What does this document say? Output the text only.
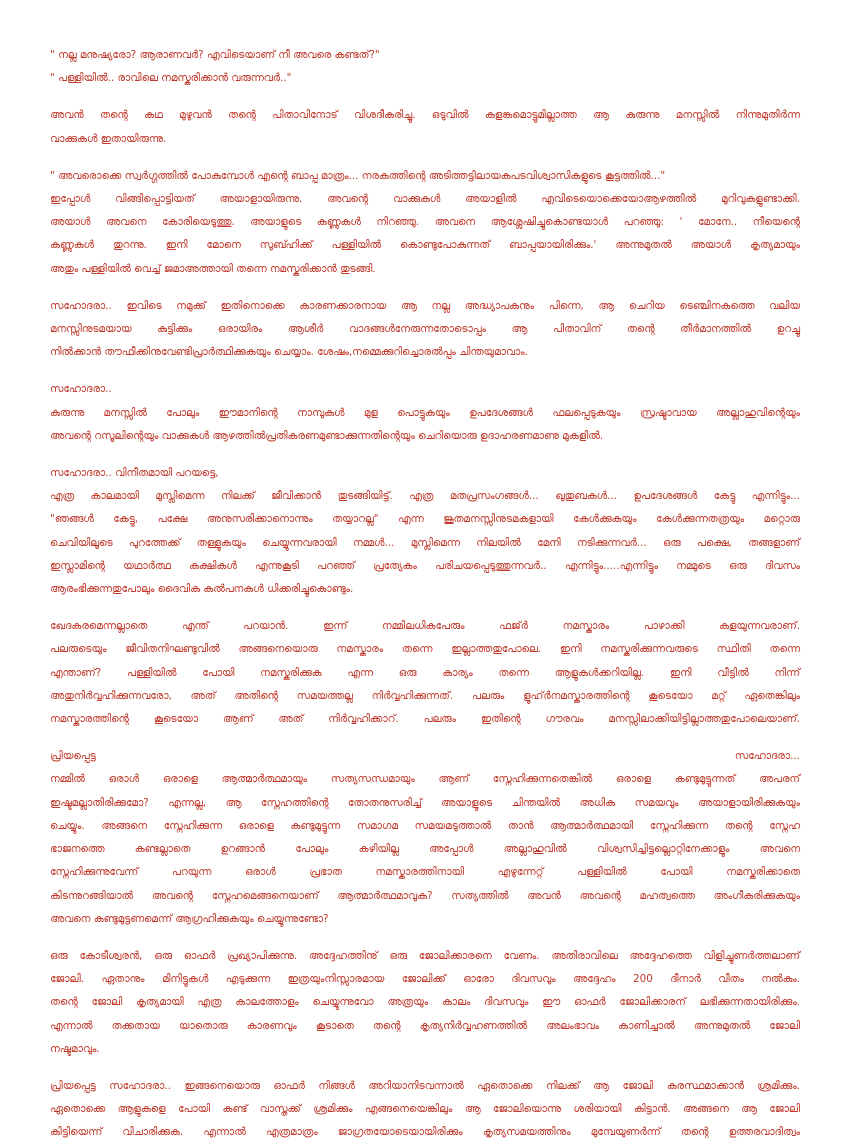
" നല്ല മനുഷ്യരോ? ആരാണവർ? എവിടെയാണ് നീ അവരെ കണ്ടത്?"
" പള്ളിയിൽ.. രാവിലെ നമസ്കരിക്കാൻ വരുന്നവർ.."
അവൻ തന്റെ കഥ മുഴുവൻ തന്റെ പിതാവിനോട് വിശദീകരിച്ചു. ഒടുവിൽ കളങ്കമൊട്ടുമില്ലാത്ത ആ കുരുന്നു മനസ്സിൽ നിന്നുമുതിർന്ന
വാക്കുകൾ ഇതായിരുന്നു.
" അവരൊക്കെ സ്വർഗ്ഗത്തിൽ പോകുമ്പോൾ എന്റെ ബാപ്പ മാത്രം... നരകത്തിന്റെ അടിത്തട്ടിലായകപടവിശ്വാസികളുടെ കൂട്ടത്തിൽ..."
ഇപ്പോൾ വിങ്ങിപ്പൊട്ടിയത് അയാളായിരുന്നു. അവന്റെ വാക്കുകൾ അയാളിൽ എവിടെയൊക്കെയോആഴത്തിൽ മുറിവുകളുണ്ടാക്കി.
അയാൾ അവനെ കോരിയെടുത്തു. അയാളുടെ കണ്ണുകൾ നിറഞ്ഞു. അവനെ ആശ്ലേഷിച്ചുകൊണ്ടയാൾ പറഞ്ഞു: ' മോനേ.. നീയെന്റെ
കണ്ണുകൾ തുറന്നു. ഇനി മോനെ സുബ്ഹിക്ക് പള്ളിയിൽ കൊണ്ടുപോകുന്നത് ബാപ്പയായിരിക്കും.' അന്നുമുതൽ അയാൾ കൃത്യമായും
അതും പള്ളിയിൽ വെച്ച് ജമാഅത്തായി തന്നെ നമസ്കരിക്കാൻ തുടങ്ങി.
സഹോദരാ.. ഇവിടെ നമുക്ക് ഇതിനൊക്കെ കാരണക്കാരനായ ആ നല്ല അദ്ധ്യാപകനും പിന്നെ, ആ ചെറിയ ടെഞ്ചിനകത്തെ വലിയ
മനസ്സിനുടമയായ കുട്ടിക്കും ഒരായിരം ആശീർ വാദങ്ങൾനേരുന്നതോടൊപ്പം ആ പിതാവിന് തന്റെ തീർമാനത്തിൽ ഉറച്ചു
നിൽക്കാൻ തൗഫീക്കിനുവേണ്ടിപ്രാർത്ഥിക്കുകയും ചെയ്യാം. ശേഷം,നമ്മെക്കുറിച്ചൊരൽപ്പം ചിന്തയുമാവാം.
സഹോദരാ..
കുരുന്നു മനസ്സിൽ പോലും ഈമാനിന്റെ നാമ്പുകൾ മുള പൊട്ടുകയും ഉപദേശങ്ങൾ ഫലപ്പെടുകയും സ്രഷ്ടാവായ അല്ലാഹുവിന്റെയും
അവന്റെ റസൂലിന്റെയും വാക്കുകൾ ആഴത്തിൽപ്രതികരണമുണ്ടാക്കുന്നതിന്റെയും ചെറിയൊരു ഉദാഹരണമാണു മുകളിൽ.
സഹോദരാ.. വിനീതമായി പറയട്ടെ,
എത്ര കാലമായി മുസ്ലിമെന്ന നിലക്ക് ജീവിക്കാൻ തുടങ്ങിയിട്ട്. എത്ര മതപ്രസംഗങ്ങൾ... ഖുതുബകൾ... ഉപദേശങ്ങൾ കേട്ടു എന്നിട്ടും...
"ഞങ്ങൾ കേട്ടു, പക്ഷേ അനുസരിക്കാനൊന്നും തയ്യാറല്ല" എന്ന ജൂതമനസ്സിനുടമകളായി കേൾക്കുകയും കേൾക്കുന്നതത്രയും മറ്റൊരു
ചെവിയിലൂടെ പുറത്തേക്ക് തള്ളുകയും ചെയ്യുന്നവരായി നമ്മൾ... മുസ്ലിമെന്ന നിലയിൽ മേനി നടിക്കുന്നവർ... ഒരു പക്ഷെ, തങ്ങളാണ്
ഇസ്ലാമിന്റെ യഥാർത്ഥ കക്ഷികൾ എന്നുകൂടി പറഞ്ഞ് പ്രത്യേകം പരിചയപ്പെടുത്തുന്നവർ.. എന്നിട്ടും.....എന്നിട്ടും നമ്മുടെ ഒരു ദിവസം
ആരംഭിക്കുന്നതുപോലും ദൈവിക കൽപനകൾ ധിക്കരിച്ചുകൊണ്ടും.
ഖേദകരമെന്നല്ലാതെ എന്ത് പറയാൻ. ഇന്ന് നമ്മിലധികപേരും ഫജ്ർ നമസ്കാരം പാഴാക്കി കളയുന്നവരാണ്.
പലരുടെയും ജീവിതനിഘണ്ടുവിൽ അങ്ങനെയൊരു നമസ്കാരം തന്നെ ഇല്ലാത്തതുപോലെ. ഇനി നമസ്കരിക്കുന്നവരുടെ സ്ഥിതി തന്നെ
എന്താണ്? പള്ളിയിൽ പോയി നമസ്കരിക്കുക എന്ന ഒരു കാര്യം തന്നെ ആളുകൾക്കറിയില്ല. ഇനി വീട്ടിൽ നിന്ന്
അതുനിർവ്വഹിക്കുന്നവരോ, അത് അതിന്റെ സമയത്തല്ല നിർവ്വഹിക്കുന്നത്. പലരും ളുഹ്ർനമസ്കാരത്തിന്റെ കൂടെയോ മറ്റ് ഏതെങ്കിലും
നമസ്കാരത്തിന്റെ കൂടെയോ ആണ് അത് നിർവ്വഹിക്കാറ്. പലരും ഇതിന്റെ ഗൗരവം മനസ്സിലാക്കിയിട്ടില്ലാത്തതുപോലെയാണ്.
പ്രിയപ്പെട്ട	സഹോദരാ...
നമ്മിൽ ഒരാൾ ഒരാളെ ആത്മാർത്ഥമായും സത്യസന്ധമായും ആണ് സ്നേഹിക്കുന്നതെങ്കിൽ ഒരാളെ കണ്ടുമുട്ടുന്നത് അപരന്
ഇഷ്ടമല്ലാതിരിക്കുമോ? എന്നല്ല, ആ സ്നേഹത്തിന്റെ തോതനുസരിച്ച് അയാളുടെ ചിന്തയിൽ അധിക സമയവും അയാളായിരിക്കുകയും
ചെയ്യും. അങ്ങനെ സ്നേഹിക്കുന്ന ഒരാളെ കണ്ടുമുട്ടുന്ന സമാഗമ സമയമടുത്താൽ താൻ ആത്മാർത്ഥമായി സ്നേഹിക്കുന്ന തന്റെ സ്നേഹ
ഭാജനത്തെ കണ്ടല്ലാതെ ഉറങ്ങാൻ പോലും കഴിയില്ല അപ്പോൾ അല്ലാഹുവിൽ വിശ്വസിച്ചിട്ടല്ലൊറ്റിനേക്കാളും അവനെ
സ്നേഹിക്കുന്നുവേന്ന് പറയുന്ന ഒരാൾ പ്രഭാത നമസ്കാരത്തിനായി എഴുന്നേറ്റ് പള്ളിയിൽ പോയി നമസ്കരിക്കാതെ
കിടന്നുറങ്ങിയാൽ അവന്റെ സ്നേഹമെങ്ങനെയാണ് ആത്മാർത്ഥമാവുക? സത്യത്തിൽ അവൻ അവന്റെ മഹത്വത്തെ അംഗീകരിക്കുകയും
അവനെ കണ്ടുമുട്ടണമെന്ന് ആഗ്രഹിക്കുകയും ചെയ്യുന്നുണ്ടോ?
ഒരു കോടീശ്വരൻ, ഒരു ഓഫർ പ്രഖ്യാപിക്കുന്നു. അദ്ദേഹത്തിനു് ഒരു ജോലിക്കാരനെ വേണം. അതിരാവിലെ അദ്ദേഹത്തെ വിളിച്ചുണർത്തലാണ്
ജോലി. ഏതാനും മിനിട്ടുകൾ എടുക്കുന്ന ഇത്രയുംനിസ്സാരമായ ജോലിക്ക് ഓരോ ദിവസവും അദ്ദേഹം 200 ദീനാർ വീതം നൽകും.
തന്റെ ജോലി കൃത്യമായി എത്ര കാലത്തോളം ചെയ്യുന്നുവോ അത്രയും കാലം ദിവസവും ഈ ഓഫർ ജോലിക്കാരന് ലഭിക്കുന്നതായിരിക്കും.
എന്നാൽ തക്കതായ യാതൊരു കാരണവും കൂടാതെ തന്റെ കൃത്യനിർവ്വഹണത്തിൽ അലംഭാവം കാണിച്ചാൽ അന്നുമുതൽ ജോലി
നഷ്ടമാവും.
പ്രിയപ്പെട്ട സഹോദരാ.. ഇങ്ങനെയൊരു ഓഫർ നിങ്ങൾ അറിയാനിടവന്നാൽ ഏതൊക്കെ നിലക്ക് ആ ജോലി കരസ്ഥമാക്കാൻ ശ്രമിക്കും.
ഏതൊക്കെ ആളുകളെ പോയി കണ്ട് വാസ്തക്ക് ശ്രമിക്കും എങ്ങനെയെങ്കിലും ആ ജോലിയൊന്നു ശരിയായി കിട്ടാൻ. അങ്ങനെ ആ ജോലി
കിട്ടിയെന്ന് വിചാരിക്കുക. എന്നാൽ എത്രമാത്രം ജാഗ്രതയോടെയായിരിക്കും കൃത്യസമയത്തിനും മുമ്പേയുണർന്ന് തന്റെ ഉത്തരവാദിത്വം
